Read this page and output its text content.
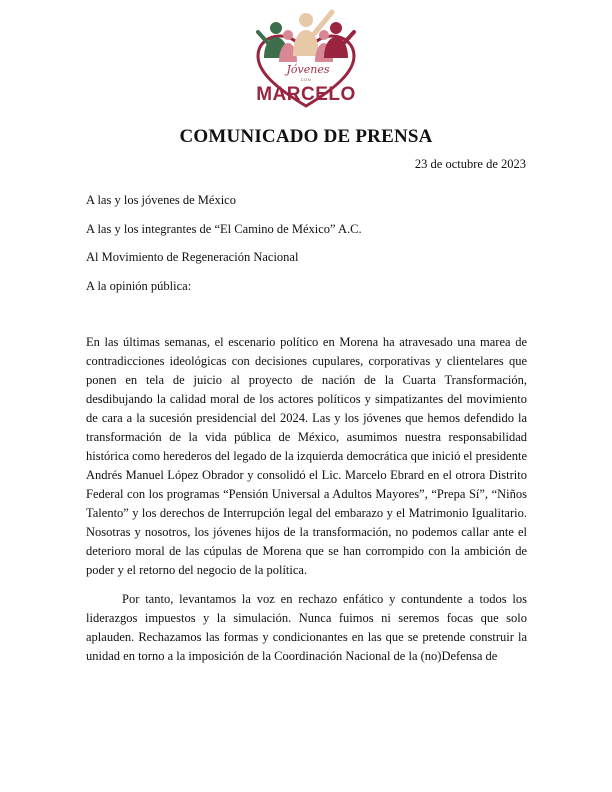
Jóvenes
CON
MARCELO
COMUNICADO DE PRENSA
23 de octubre de 2023
A las y los jóvenes de México
A las y los integrantes de “El Camino de México” A.C.
Al Movimiento de Regeneración Nacional
A la opinión pública:

En las últimas semanas, el escenario político en Morena ha atravesado una marea de contradicciones ideológicas con decisiones cupulares, corporativas y clientelares que ponen en tela de juicio al proyecto de nación de la Cuarta Transformación, desdibujando la calidad moral de los actores políticos y simpatizantes del movimiento de cara a la sucesión presidencial del 2024. Las y los jóvenes que hemos defendido la transformación de la vida pública de México, asumimos nuestra responsabilidad histórica como herederos del legado de la izquierda democrática que inició el presidente Andrés Manuel López Obrador y consolidó el Lic. Marcelo Ebrard en el otrora Distrito Federal con los programas “Pensión Universal a Adultos Mayores”, “Prepa Sí”, “Niños Talento” y los derechos de Interrupción legal del embarazo y el Matrimonio Igualitario. Nosotras y nosotros, los jóvenes hijos de la transformación, no podemos callar ante el deterioro moral de las cúpulas de Morena que se han corrompido con la ambición de poder y el retorno del negocio de la política.

Por tanto, levantamos la voz en rechazo enfático y contundente a todos los liderazgos impuestos y la simulación. Nunca fuimos ni seremos focas que solo aplauden. Rechazamos las formas y condicionantes en las que se pretende construir la unidad en torno a la imposición de la Coordinación Nacional de la (no)Defensa de
